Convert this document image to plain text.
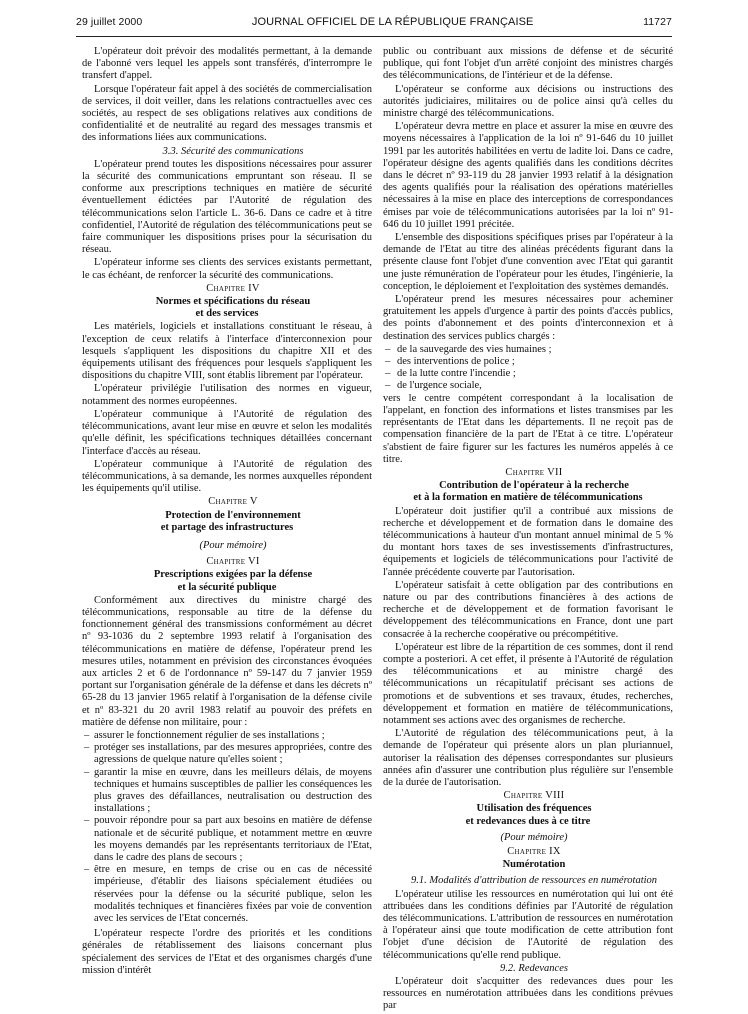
29 juillet 2000	JOURNAL OFFICIEL DE LA RÉPUBLIQUE FRANÇAISE	11727

L'opérateur doit prévoir des modalités permettant, à la demande de l'abonné vers lequel les appels sont transférés, d'interrompre le transfert d'appel.

Lorsque l'opérateur fait appel à des sociétés de commercialisation de services, il doit veiller, dans les relations contractuelles avec ces sociétés, au respect de ses obligations relatives aux conditions de confidentialité et de neutralité au regard des messages transmis et des informations liées aux communications.

3.3. Sécurité des communications

L'opérateur prend toutes les dispositions nécessaires pour assurer la sécurité des communications empruntant son réseau. Il se conforme aux prescriptions techniques en matière de sécurité éventuellement édictées par l'Autorité de régulation des télécommunications selon l'article L. 36-6. Dans ce cadre et à titre confidentiel, l'Autorité de régulation des télécommunications peut se faire communiquer les dispositions prises pour la sécurisation du réseau.

L'opérateur informe ses clients des services existants permettant, le cas échéant, de renforcer la sécurité des communications.

Chapitre IV

Normes et spécifications du réseau
et des services

Les matériels, logiciels et installations constituant le réseau, à l'exception de ceux relatifs à l'interface d'interconnexion pour lesquels s'appliquent les dispositions du chapitre XII et des équipements utilisant des fréquences pour lesquels s'appliquent les dispositions du chapitre VIII, sont établis librement par l'opérateur.

L'opérateur privilégie l'utilisation des normes en vigueur, notamment des normes européennes.

L'opérateur communique à l'Autorité de régulation des télécommunications, avant leur mise en œuvre et selon les modalités qu'elle définit, les spécifications techniques détaillées concernant l'interface d'accès au réseau.

L'opérateur communique à l'Autorité de régulation des télécommunications, à sa demande, les normes auxquelles répondent les équipements qu'il utilise.

Chapitre V

Protection de l'environnement
et partage des infrastructures

(Pour mémoire)

Chapitre VI

Prescriptions exigées par la défense
et la sécurité publique

Conformément aux directives du ministre chargé des télécommunications, responsable au titre de la défense du fonctionnement général des transmissions conformément au décret nº 93-1036 du 2 septembre 1993 relatif à l'organisation des télécommunications en matière de défense, l'opérateur prend les mesures utiles, notamment en prévision des circonstances évoquées aux articles 2 et 6 de l'ordonnance nº 59-147 du 7 janvier 1959 portant sur l'organisation générale de la défense et dans les décrets nº 65-28 du 13 janvier 1965 relatif à l'organisation de la défense civile et nº 83-321 du 20 avril 1983 relatif au pouvoir des préfets en matière de défense non militaire, pour :

– assurer le fonctionnement régulier de ses installations ;
– protéger ses installations, par des mesures appropriées, contre des agressions de quelque nature qu'elles soient ;
– garantir la mise en œuvre, dans les meilleurs délais, de moyens techniques et humains susceptibles de pallier les conséquences les plus graves des défaillances, neutralisation ou destruction des installations ;
– pouvoir répondre pour sa part aux besoins en matière de défense nationale et de sécurité publique, et notamment mettre en œuvre les moyens demandés par les représentants territoriaux de l'Etat, dans le cadre des plans de secours ;
– être en mesure, en temps de crise ou en cas de nécessité impérieuse, d'établir des liaisons spécialement étudiées ou réservées pour la défense ou la sécurité publique, selon les modalités techniques et financières fixées par voie de convention avec les services de l'Etat concernés.

L'opérateur respecte l'ordre des priorités et les conditions générales de rétablissement des liaisons concernant plus spécialement des services de l'Etat et des organismes chargés d'une mission d'intérêt

public ou contribuant aux missions de défense et de sécurité publique, qui font l'objet d'un arrêté conjoint des ministres chargés des télécommunications, de l'intérieur et de la défense.

L'opérateur se conforme aux décisions ou instructions des autorités judiciaires, militaires ou de police ainsi qu'à celles du ministre chargé des télécommunications.

L'opérateur devra mettre en place et assurer la mise en œuvre des moyens nécessaires à l'application de la loi nº 91-646 du 10 juillet 1991 par les autorités habilitées en vertu de ladite loi. Dans ce cadre, l'opérateur désigne des agents qualifiés dans les conditions décrites dans le décret nº 93-119 du 28 janvier 1993 relatif à la désignation des agents qualifiés pour la réalisation des opérations matérielles nécessaires à la mise en place des interceptions de correspondances émises par voie de télécommunications autorisées par la loi nº 91-646 du 10 juillet 1991 précitée.

L'ensemble des dispositions spécifiques prises par l'opérateur à la demande de l'Etat au titre des alinéas précédents figurant dans la présente clause font l'objet d'une convention avec l'Etat qui garantit une juste rémunération de l'opérateur pour les études, l'ingénierie, la conception, le déploiement et l'exploitation des systèmes demandés.

L'opérateur prend les mesures nécessaires pour acheminer gratuitement les appels d'urgence à partir des points d'accès publics, des points d'abonnement et des points d'interconnexion et à destination des services publics chargés :

– de la sauvegarde des vies humaines ;
– des interventions de police ;
– de la lutte contre l'incendie ;
– de l'urgence sociale,

vers le centre compétent correspondant à la localisation de l'appelant, en fonction des informations et listes transmises par les représentants de l'Etat dans les départements. Il ne reçoit pas de compensation financière de la part de l'Etat à ce titre. L'opérateur s'abstient de faire figurer sur les factures les numéros appelés à ce titre.

Chapitre VII

Contribution de l'opérateur à la recherche
et à la formation en matière de télécommunications

L'opérateur doit justifier qu'il a contribué aux missions de recherche et développement et de formation dans le domaine des télécommunications à hauteur d'un montant annuel minimal de 5 % du montant hors taxes de ses investissements d'infrastructures, équipements et logiciels de télécommunications pour l'activité de l'année précédente couverte par l'autorisation.

L'opérateur satisfait à cette obligation par des contributions en nature ou par des contributions financières à des actions de recherche et de développement et de formation favorisant le développement des télécommunications en France, dont une part consacrée à la recherche coopérative ou précompétitive.

L'opérateur est libre de la répartition de ces sommes, dont il rend compte a posteriori. A cet effet, il présente à l'Autorité de régulation des télécommunications et au ministre chargé des télécommunications un récapitulatif précisant ses actions de promotions et de subventions et ses travaux, études, recherches, développement et formation en matière de télécommunications, notamment ses actions avec des organismes de recherche.

L'Autorité de régulation des télécommunications peut, à la demande de l'opérateur qui présente alors un plan pluriannuel, autoriser la réalisation des dépenses correspondantes sur plusieurs années afin d'assurer une contribution plus régulière sur l'ensemble de la durée de l'autorisation.

Chapitre VIII

Utilisation des fréquences
et redevances dues à ce titre

(Pour mémoire)

Chapitre IX

Numérotation

9.1. Modalités d'attribution de ressources en numérotation

L'opérateur utilise les ressources en numérotation qui lui ont été attribuées dans les conditions définies par l'Autorité de régulation des télécommunications. L'attribution de ressources en numérotation à l'opérateur ainsi que toute modification de cette attribution font l'objet d'une décision de l'Autorité de régulation des télécommunications qu'elle rend publique.

9.2. Redevances

L'opérateur doit s'acquitter des redevances dues pour les ressources en numérotation attribuées dans les conditions prévues par
